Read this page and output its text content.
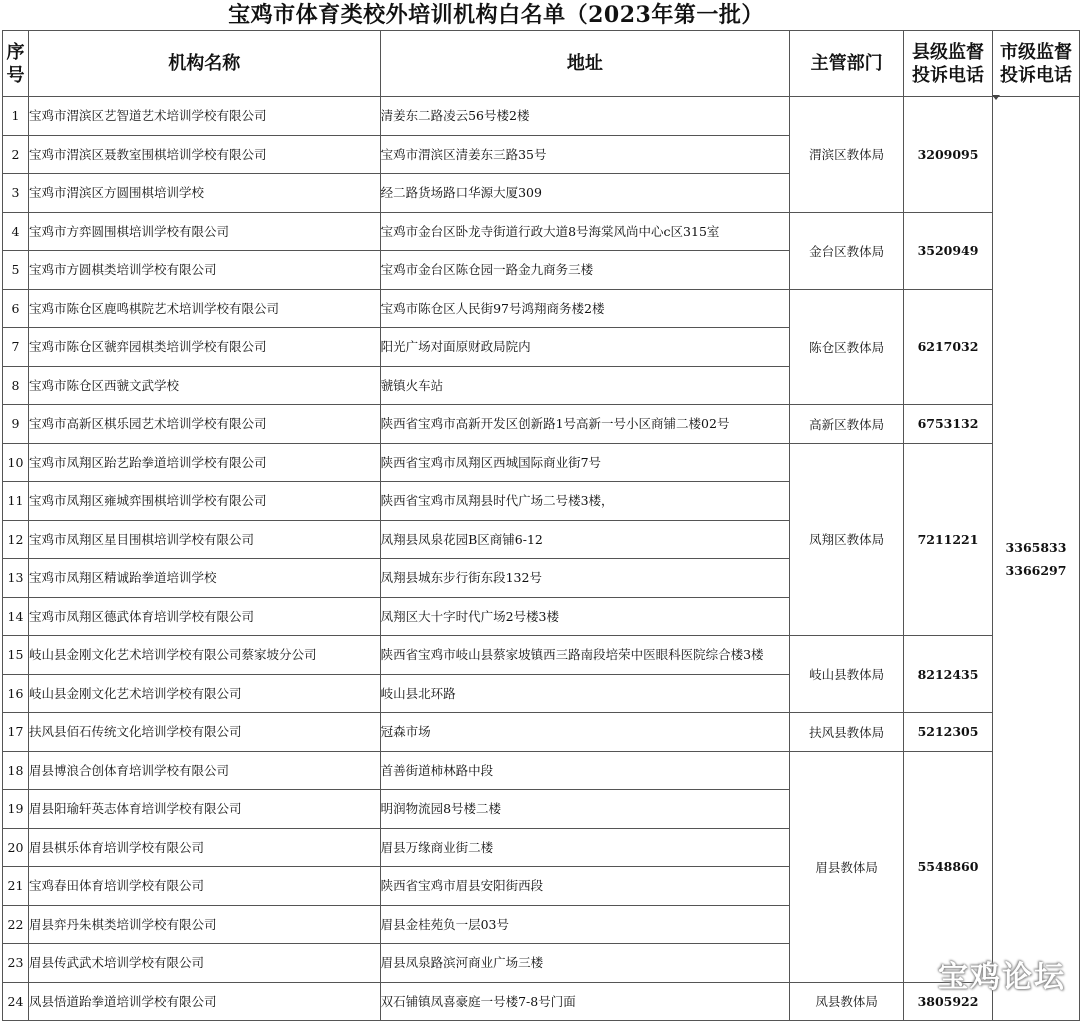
宝鸡市体育类校外培训机构白名单（2023年第一批）
序号	机构名称	地址	主管部门	县级监督投诉电话	市级监督投诉电话
1	宝鸡市渭滨区艺智道艺术培训学校有限公司	清姜东二路凌云56号楼2楼	渭滨区教体局	3209095	3365833 3366297
2	宝鸡市渭滨区聂教室围棋培训学校有限公司	宝鸡市渭滨区清姜东三路35号			
3	宝鸡市渭滨区方圆围棋培训学校	经二路货场路口华源大厦309			
4	宝鸡市方弈圆围棋培训学校有限公司	宝鸡市金台区卧龙寺街道行政大道8号海棠风尚中心c区315室	金台区教体局	3520949	
5	宝鸡市方圆棋类培训学校有限公司	宝鸡市金台区陈仓园一路金九商务三楼			
6	宝鸡市陈仓区鹿鸣棋院艺术培训学校有限公司	宝鸡市陈仓区人民街97号鸿翔商务楼2楼	陈仓区教体局	6217032	
7	宝鸡市陈仓区虢弈园棋类培训学校有限公司	阳光广场对面原财政局院内			
8	宝鸡市陈仓区西虢文武学校	虢镇火车站			
9	宝鸡市高新区棋乐园艺术培训学校有限公司	陕西省宝鸡市高新开发区创新路1号高新一号小区商铺二楼02号	高新区教体局	6753132	
10	宝鸡市凤翔区跆艺跆拳道培训学校有限公司	陕西省宝鸡市凤翔区西城国际商业街7号	凤翔区教体局	7211221	
11	宝鸡市凤翔区雍城弈围棋培训学校有限公司	陕西省宝鸡市凤翔县时代广场二号楼3楼，			
12	宝鸡市凤翔区星目围棋培训学校有限公司	凤翔县凤泉花园B区商铺6-12			
13	宝鸡市凤翔区精诚跆拳道培训学校	凤翔县城东步行街东段132号			
14	宝鸡市凤翔区德武体育培训学校有限公司	凤翔区大十字时代广场2号楼3楼			
15	岐山县金刚文化艺术培训学校有限公司蔡家坡分公司	陕西省宝鸡市岐山县蔡家坡镇西三路南段培荣中医眼科医院综合楼3楼	岐山县教体局	8212435	
16	岐山县金刚文化艺术培训学校有限公司	岐山县北环路			
17	扶风县佰石传统文化培训学校有限公司	冠森市场	扶风县教体局	5212305	
18	眉县博浪合创体育培训学校有限公司	首善街道柿林路中段	眉县教体局	5548860	
19	眉县阳瑜轩英志体育培训学校有限公司	明润物流园8号楼二楼			
20	眉县棋乐体育培训学校有限公司	眉县万缘商业街二楼			
21	宝鸡春田体育培训学校有限公司	陕西省宝鸡市眉县安阳街西段			
22	眉县弈丹朱棋类培训学校有限公司	眉县金桂苑负一层03号			
23	眉县传武武术培训学校有限公司	眉县凤泉路滨河商业广场三楼			
24	凤县悟道跆拳道培训学校有限公司	双石铺镇凤喜豪庭一号楼7-8号门面	凤县教体局	3805922	
宝鸡论坛
